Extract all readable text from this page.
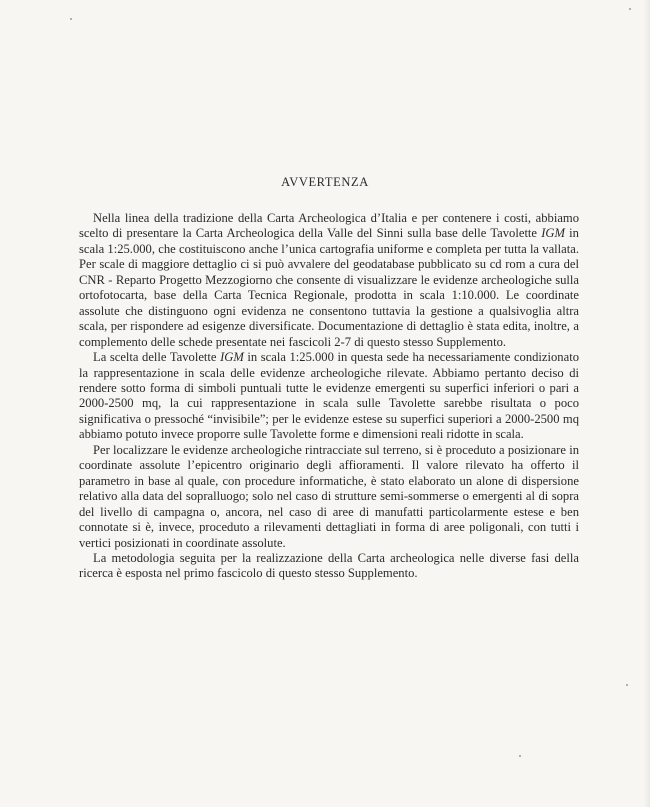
AVVERTENZA

Nella linea della tradizione della Carta Archeologica d’Italia e per contenere i costi, abbiamo scelto di presentare la Carta Archeologica della Valle del Sinni sulla base delle Tavolette IGM in scala 1:25.000, che costituiscono anche l’unica cartografia uniforme e completa per tutta la vallata. Per scale di maggiore dettaglio ci si può avvalere del geodatabase pubblicato su cd rom a cura del CNR - Reparto Progetto Mezzogiorno che consente di visualizzare le evidenze archeologiche sulla ortofotocarta, base della Carta Tecnica Regionale, prodotta in scala 1:10.000. Le coordinate assolute che distinguono ogni evidenza ne consentono tuttavia la gestione a qualsivoglia altra scala, per rispondere ad esigenze diversificate. Documentazione di dettaglio è stata edita, inoltre, a complemento delle schede presentate nei fascicoli 2-7 di questo stesso Supplemento.

La scelta delle Tavolette IGM in scala 1:25.000 in questa sede ha necessariamente condizionato la rappresentazione in scala delle evidenze archeologiche rilevate. Abbiamo pertanto deciso di rendere sotto forma di simboli puntuali tutte le evidenze emergenti su superfici inferiori o pari a 2000-2500 mq, la cui rappresentazione in scala sulle Tavolette sarebbe risultata o poco significativa o pressoché “invisibile”; per le evidenze estese su superfici superiori a 2000-2500 mq abbiamo potuto invece proporre sulle Tavolette forme e dimensioni reali ridotte in scala.

Per localizzare le evidenze archeologiche rintracciate sul terreno, si è proceduto a posizionare in coordinate assolute l’epicentro originario degli affioramenti. Il valore rilevato ha offerto il parametro in base al quale, con procedure informatiche, è stato elaborato un alone di dispersione relativo alla data del sopralluogo; solo nel caso di strutture semi-sommerse o emergenti al di sopra del livello di campagna o, ancora, nel caso di aree di manufatti particolarmente estese e ben connotate si è, invece, proceduto a rilevamenti dettagliati in forma di aree poligonali, con tutti i vertici posizionati in coordinate assolute.

La metodologia seguita per la realizzazione della Carta archeologica nelle diverse fasi della ricerca è esposta nel primo fascicolo di questo stesso Supplemento.
